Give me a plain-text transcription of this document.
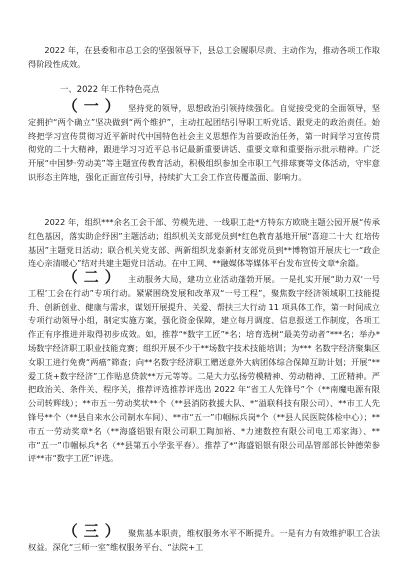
2022 年，在县委和市总工会的坚强领导下，县总工会履职尽责、主动作为，推动各项工作取得阶段性成效。

一、2022 年工作特色亮点

（一） 坚持党的领导，思想政治引领持续强化。自觉接受党的全面领导，坚定拥护“两个确立”坚决做到“两个维护”，主动扛起团结引导职工听党话、跟党走的政治责任。始终把学习宣传贯彻习近平新时代中国特色社会主义思想作为首要政治任务，第一时间学习宣传贯彻党的二十大精神，跟进学习习近平总书记最新重要讲话、重要文章和重要指示批示精神。广泛开展“中国梦·劳动美”等主题宣传教育活动，积极组织参加全市职工气排球赛等文体活动，守牢意识形态主阵地，强化正面宣传引导，持续扩大工会工作宣传覆盖面、影响力。

2022 年，组织***余名工会干部、劳模先进、一线职工赴*方特东方欧晓主题公园开展“传承红色基因，落实助企纾困”主题活动；组织机关支部党员到*红色教育基地开展“喜迎二十大 红培传基因”主题党日活动；联合机关党支部、两新组织龙泰新材支部党员到**博物馆开展庆七一“政企连心亲清暖心”结对共建主题党日活动。在中工网、**融媒体等媒体平台发布宣传文章*余篇。

（二） 主动服务大局，建功立业活动蓬勃开展。一是扎实开展“助力双‘一号工程’工会在行动”专项行动。紧紧围绕发展和改革双“一号工程”，聚焦数字经济领域职工技能提升、创新创业、健康与需求，谋划开展提升、关爱、帮扶三大行动 11 项具体工作，第一时间成立专项行动领导小组，制定实施方案，强化资金保障，建立每月调度、信息报送工作制度，各项工作正有序推进并取得初步成效。如，推荐“*数字工匠”*名；培育选树“最美劳动者”***名；举办*场数字经济职工职业技能竞赛；组织开展不少于**场数字技术技能培训；为*** 名数字经济聚集区女职工进行免费“两癌”筛查；向**名数字经济职工赠送意外大病团体综合保障互助计划；开展“**爱工货+数字经济”工作贴息贷款**万元等等。二是大力弘扬劳模精神、劳动精神、工匠精神。严把政治关、条件关、程序关，推荐评选推荐评选出 2022 年“省工人先锋号”个（**南魔电源有限公司转辉线）；**市五一劳动奖状**个（**县消防救援大队、*“溢联科技有限公司）、**市工人先锋号**个（**县自来水公司制水车间）、**市“五一”巾帼标兵岗*个（**县人民医院体检中心）；**市五一劳动奖章*名（**海盛铝银有限公司职工陶加裕、*力速数控有限公司电工邓家海）、**市“五一”巾帼标兵*名（**县第五小学张平春）。推荐了*“海盛铝银有限公司品管部部长钟德荣参评**市“数字工匠”评选。

（三） 聚焦基本职责，维权服务水平不断提升。一是有力有效维护职工合法权益。深化“三师一室”维权服务平台、“法院+工
